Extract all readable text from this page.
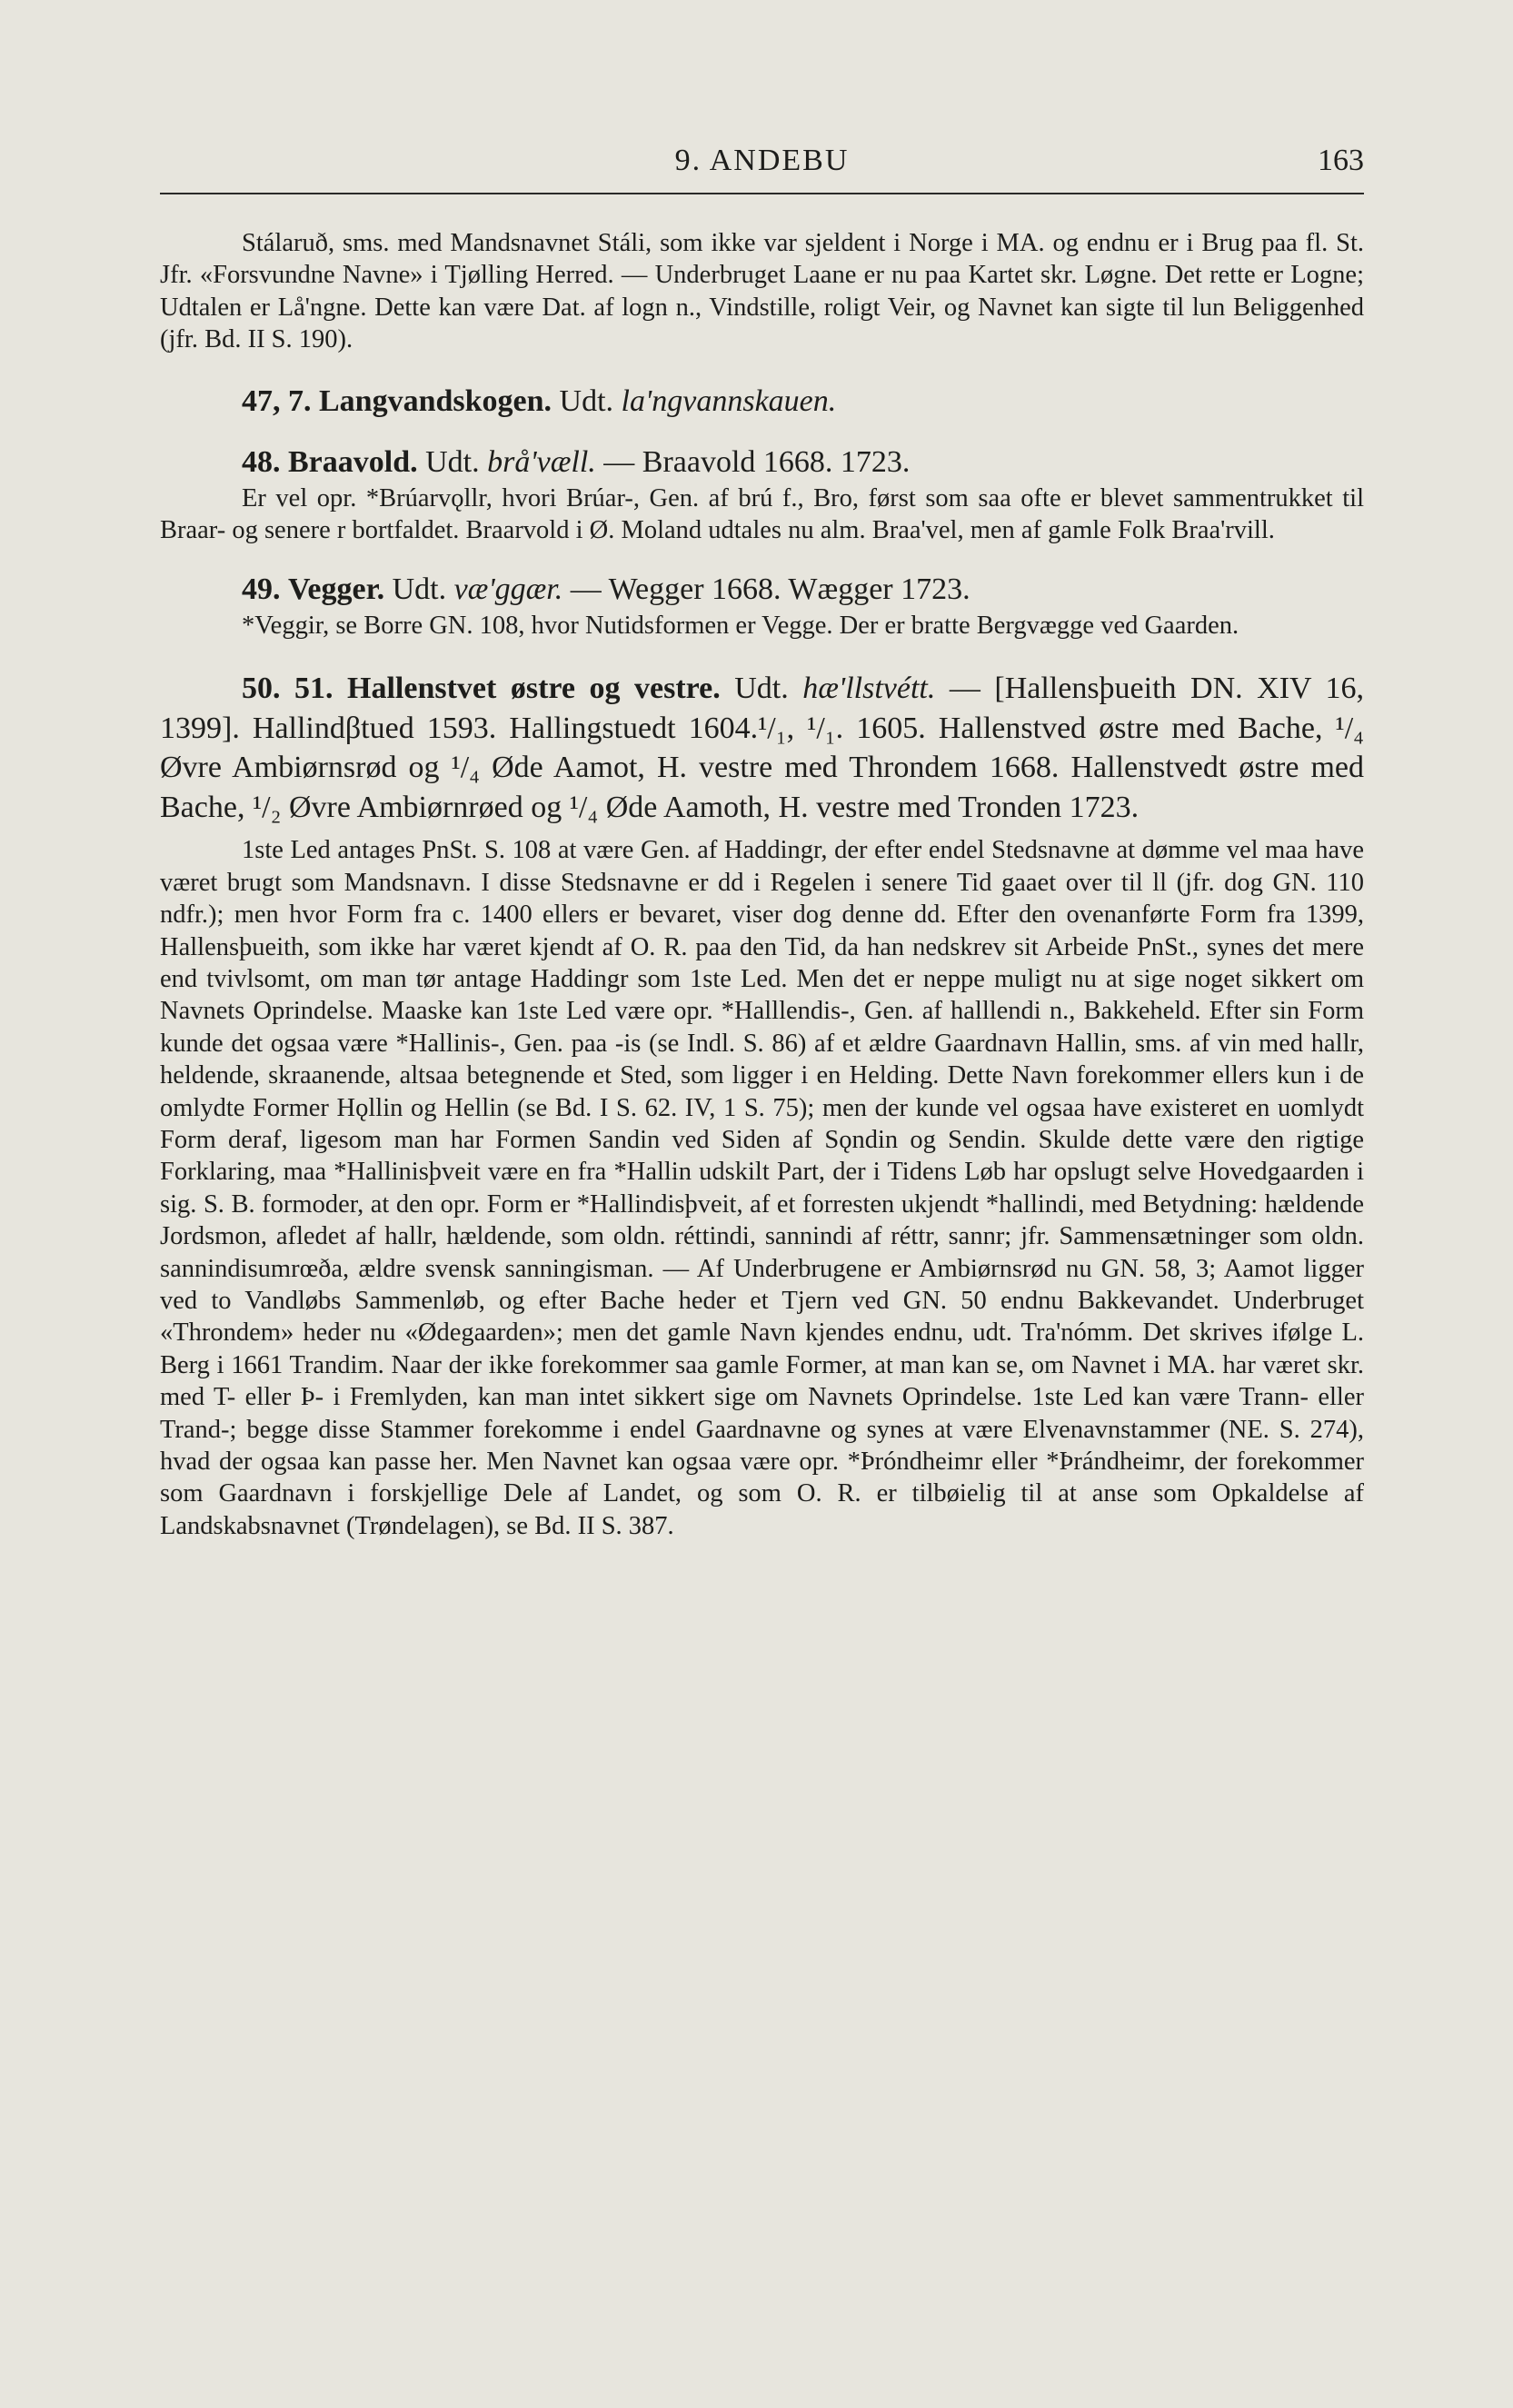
9. ANDEBU	163

Stálaruð, sms. med Mandsnavnet Stáli, som ikke var sjeldent i Norge i MA. og endnu er i Brug paa fl. St. Jfr. «Forsvundne Navne» i Tjølling Herred. — Underbruget Laane er nu paa Kartet skr. Løgne. Det rette er Logne; Udtalen er Lå'ngne. Dette kan være Dat. af logn n., Vindstille, roligt Veir, og Navnet kan sigte til lun Beliggenhed (jfr. Bd. II S. 190).

47, 7. Langvandskogen. Udt. la'ngvannskauen.

48. Braavold. Udt. brå'væll. — Braavold 1668. 1723.

Er vel opr. *Brúarvǫllr, hvori Brúar-, Gen. af brú f., Bro, først som saa ofte er blevet sammentrukket til Braar- og senere r bortfaldet. Braarvold i Ø. Moland udtales nu alm. Braa'vel, men af gamle Folk Braa'rvill.

49. Vegger. Udt. væ'ggær. — Wegger 1668. Wægger 1723.

*Veggir, se Borre GN. 108, hvor Nutidsformen er Vegge. Der er bratte Bergvægge ved Gaarden.

50. 51. Hallenstvet østre og vestre. Udt. hæ'llstvétt. — [Hallensþueith DN. XIV 16, 1399]. Hallindβtued 1593. Hallingstuedt 1604.¹/₁, ¹/₁. 1605. Hallenstved østre med Bache, ¹/₄ Øvre Ambiørnsrød og ¹/₄ Øde Aamot, H. vestre med Throndem 1668. Hallenstvedt østre med Bache, ¹/₂ Øvre Ambiørnrøed og ¹/₄ Øde Aamoth, H. vestre med Tronden 1723.

1ste Led antages PnSt. S. 108 at være Gen. af Haddingr, der efter endel Stedsnavne at dømme vel maa have været brugt som Mandsnavn. I disse Stedsnavne er dd i Regelen i senere Tid gaaet over til ll (jfr. dog GN. 110 ndfr.); men hvor Form fra c. 1400 ellers er bevaret, viser dog denne dd. Efter den ovenanførte Form fra 1399, Hallensþueith, som ikke har været kjendt af O. R. paa den Tid, da han nedskrev sit Arbeide PnSt., synes det mere end tvivlsomt, om man tør antage Haddingr som 1ste Led. Men det er neppe muligt nu at sige noget sikkert om Navnets Oprindelse. Maaske kan 1ste Led være opr. *Halllendis-, Gen. af halllendi n., Bakkeheld. Efter sin Form kunde det ogsaa være *Hallinis-, Gen. paa -is (se Indl. S. 86) af et ældre Gaardnavn Hallin, sms. af vin med hallr, heldende, skraanende, altsaa betegnende et Sted, som ligger i en Helding. Dette Navn forekommer ellers kun i de omlydte Former Hǫllin og Hellin (se Bd. I S. 62. IV, 1 S. 75); men der kunde vel ogsaa have existeret en uomlydt Form deraf, ligesom man har Formen Sandin ved Siden af Sǫndin og Sendin. Skulde dette være den rigtige Forklaring, maa *Hallinisþveit være en fra *Hallin udskilt Part, der i Tidens Løb har opslugt selve Hovedgaarden i sig. S. B. formoder, at den opr. Form er *Hallindisþveit, af et forresten ukjendt *hallindi, med Betydning: hældende Jordsmon, afledet af hallr, hældende, som oldn. réttindi, sannindi af réttr, sannr; jfr. Sammensætninger som oldn. sannindisumrœða, ældre svensk sanningisman. — Af Underbrugene er Ambiørnsrød nu GN. 58, 3; Aamot ligger ved to Vandløbs Sammenløb, og efter Bache heder et Tjern ved GN. 50 endnu Bakkevandet. Underbruget «Throndem» heder nu «Ødegaarden»; men det gamle Navn kjendes endnu, udt. Tra'nómm. Det skrives ifølge L. Berg i 1661 Trandim. Naar der ikke forekommer saa gamle Former, at man kan se, om Navnet i MA. har været skr. med T- eller Þ- i Fremlyden, kan man intet sikkert sige om Navnets Oprindelse. 1ste Led kan være Trann- eller Trand-; begge disse Stammer forekomme i endel Gaardnavne og synes at være Elvenavnstammer (NE. S. 274), hvad der ogsaa kan passe her. Men Navnet kan ogsaa være opr. *Þróndheimr eller *Þrándheimr, der forekommer som Gaardnavn i forskjellige Dele af Landet, og som O. R. er tilbøielig til at anse som Opkaldelse af Landskabsnavnet (Trøndelagen), se Bd. II S. 387.
